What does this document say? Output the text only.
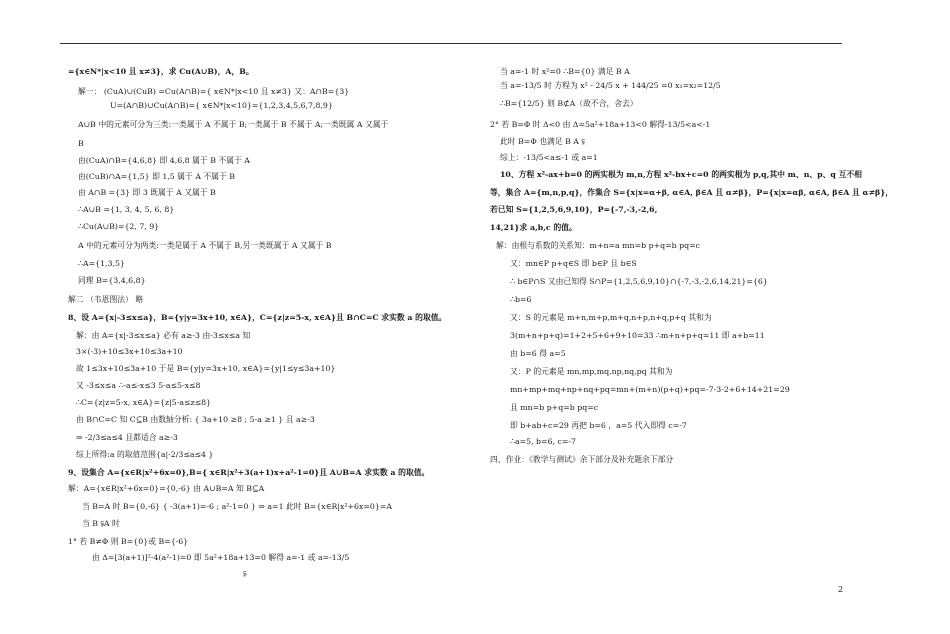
={x∈N*|x<10 且 x≠3}，求 Cu(A∪B)，A，B。
解一： (CuA)∪(CuB) =Cu(A∩B)={ x∈N*|x<10 且 x≠3} 又：A∩B={3}
U=(A∩B)∪Cu(A∩B)={ x∈N*|x<10}={1,2,3,4,5,6,7,8,9}
A∪B 中的元素可分为三类:一类属于 A 不属于 B;一类属于 B 不属于 A;一类既属 A 又属于
B
由(CuA)∩B={4,6,8} 即 4,6,8 属于 B 不属于 A
由(CuB)∩A={1,5} 即 1,5 属于 A 不属于 B
由 A∩B ={3} 即 3 既属于 A 又属于 B
∴A∪B ={1, 3, 4, 5, 6, 8}
∴Cu(A∪B)={2, 7, 9}
A 中的元素可分为两类:一类是属于 A 不属于 B,另一类既属于 A 又属于 B
∴A={1,3,5}
同理 B={3,4,6,8}
解二 （韦恩图法） 略
8、设 A={x|-3≤x≤a}，B={y|y=3x+10, x∈A}，C={z|z=5-x, x∈A}且 B∩C=C 求实数 a 的取值。
解：由 A={x|-3≤x≤a} 必有 a≥-3 由-3≤x≤a 知
3×(-3)+10≤3x+10≤3a+10
故 1≤3x+10≤3a+10 于是 B={y|y=3x+10, x∈A}={y|1≤y≤3a+10}
又 -3≤x≤a ∴-a≤-x≤3 5-a≤5-x≤8
∴C={z|z=5-x, x∈A}={z|5-a≤z≤8}
由 B∩C=C 知 C⊆B 由数轴分析: { 3a+10 ≥8 ; 5-a ≥1 } 且 a≥-3
⇒ -2/3≤a≤4 且都适合 a≥-3
综上所得:a 的取值范围{a|-2/3≤a≤4 }
9、设集合 A={x∈R|x²+6x=0},B={ x∈R|x²+3(a+1)x+a²-1=0}且 A∪B=A 求实数 a 的取值。
解：A={x∈R|x²+6x=0}={0,-6} 由 A∪B=A 知 B⊆A
当 B=A 时 B={0,-6} { -3(a+1)=-6 ; a²-1=0 } ⇒ a=1 此时 B={x∈R|x²+6x=0}=A
当 B ⫋A 时
1° 若 B≠Φ 则 B={0}或 B={-6}
由 Δ=[3(a+1)]²-4(a²-1)=0 即 5a²+18a+13=0 解得 a=-1 或 a=-13/5
⫋
当 a=-1 时 x²=0 ∴B={0} 满足 B A
当 a=-13/5 时 方程为 x² - 24/5 x + 144/25 =0 x₁=x₂=12/5
∴B={12/5} 则 B⊄A（故不合，舍去）
2° 若 B=Φ 时 Δ<0 由 Δ=5a²+18a+13<0 解得-13/5<a<-1
此时 B=Φ 也满足 B A ⫋
综上：-13/5<a≤-1 或 a=1
10、方程 x²-ax+b=0 的两实根为 m,n,方程 x²-bx+c=0 的两实根为 p,q,其中 m、n、p、q 互不相
等，集合 A={m,n,p,q}，作集合 S={x|x=α+β, α∈A, β∈A 且 α≠β}，P={x|x=αβ, α∈A, β∈A 且 α≠β}，
若已知 S={1,2,5,6,9,10}，P={-7,-3,-2,6,
14,21}求 a,b,c 的值。
解：由根与系数的关系知：m+n=a mn=b p+q=b pq=c
又：mn∈P p+q∈S 即 b∈P 且 b∈S
∴ b∈P∩S 又由已知得 S∩P={1,2,5,6,9,10}∩{-7,-3,-2,6,14,21}={6}
∴b=6
又：S 的元素是 m+n,m+p,m+q,n+p,n+q,p+q 其和为
3(m+n+p+q)=1+2+5+6+9+10=33 ∴m+n+p+q=11 即 a+b=11
由 b=6 得 a=5
又：P 的元素是 mn,mp,mq,np,nq,pq 其和为
mn+mp+mq+np+nq+pq=mn+(m+n)(p+q)+pq=-7-3-2+6+14+21=29
且 mn=b p+q=b pq=c
即 b+ab+c=29 再把 b=6 ，a=5 代入即得 c=-7
∴a=5, b=6, c=-7
四、作业：《教学与测试》余下部分及补充题余下部分
2
